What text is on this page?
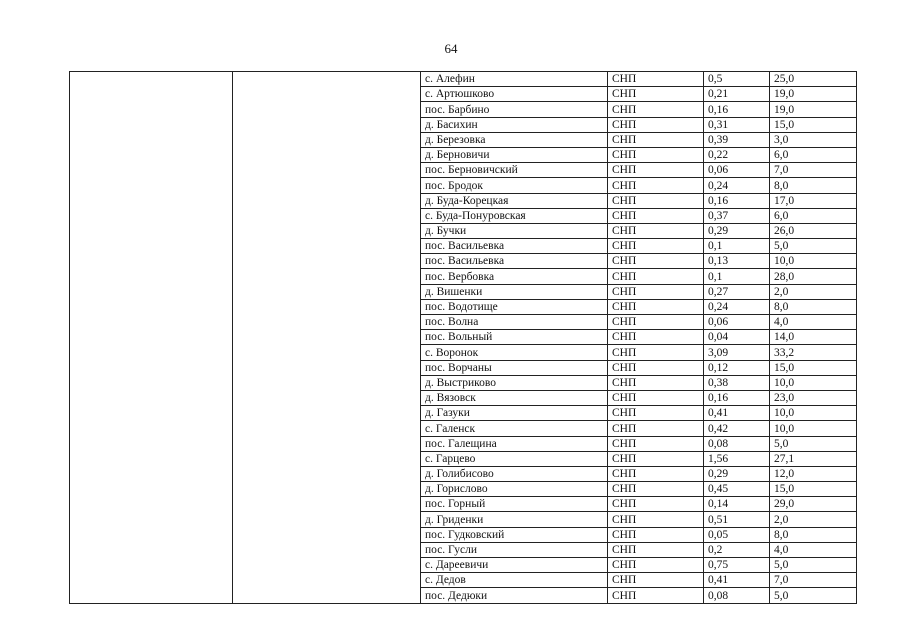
64
		с. Алефин	СНП	0,5	25,0
		с. Артюшково	СНП	0,21	19,0
		пос. Барбино	СНП	0,16	19,0
		д. Басихин	СНП	0,31	15,0
		д. Березовка	СНП	0,39	3,0
		д. Берновичи	СНП	0,22	6,0
		пос. Берновичский	СНП	0,06	7,0
		пос. Бродок	СНП	0,24	8,0
		д. Буда-Корецкая	СНП	0,16	17,0
		с. Буда-Понуровская	СНП	0,37	6,0
		д. Бучки	СНП	0,29	26,0
		пос. Васильевка	СНП	0,1	5,0
		пос. Васильевка	СНП	0,13	10,0
		пос. Вербовка	СНП	0,1	28,0
		д. Вишенки	СНП	0,27	2,0
		пос. Водотище	СНП	0,24	8,0
		пос. Волна	СНП	0,06	4,0
		пос. Вольный	СНП	0,04	14,0
		с. Воронок	СНП	3,09	33,2
		пос. Ворчаны	СНП	0,12	15,0
		д. Выстриково	СНП	0,38	10,0
		д. Вязовск	СНП	0,16	23,0
		д. Газуки	СНП	0,41	10,0
		с. Галенск	СНП	0,42	10,0
		пос. Галещина	СНП	0,08	5,0
		с. Гарцево	СНП	1,56	27,1
		д. Голибисово	СНП	0,29	12,0
		д. Горислово	СНП	0,45	15,0
		пос. Горный	СНП	0,14	29,0
		д. Гриденки	СНП	0,51	2,0
		пос. Гудковский	СНП	0,05	8,0
		пос. Гусли	СНП	0,2	4,0
		с. Дареевичи	СНП	0,75	5,0
		с. Дедов	СНП	0,41	7,0
		пос. Дедюки	СНП	0,08	5,0
